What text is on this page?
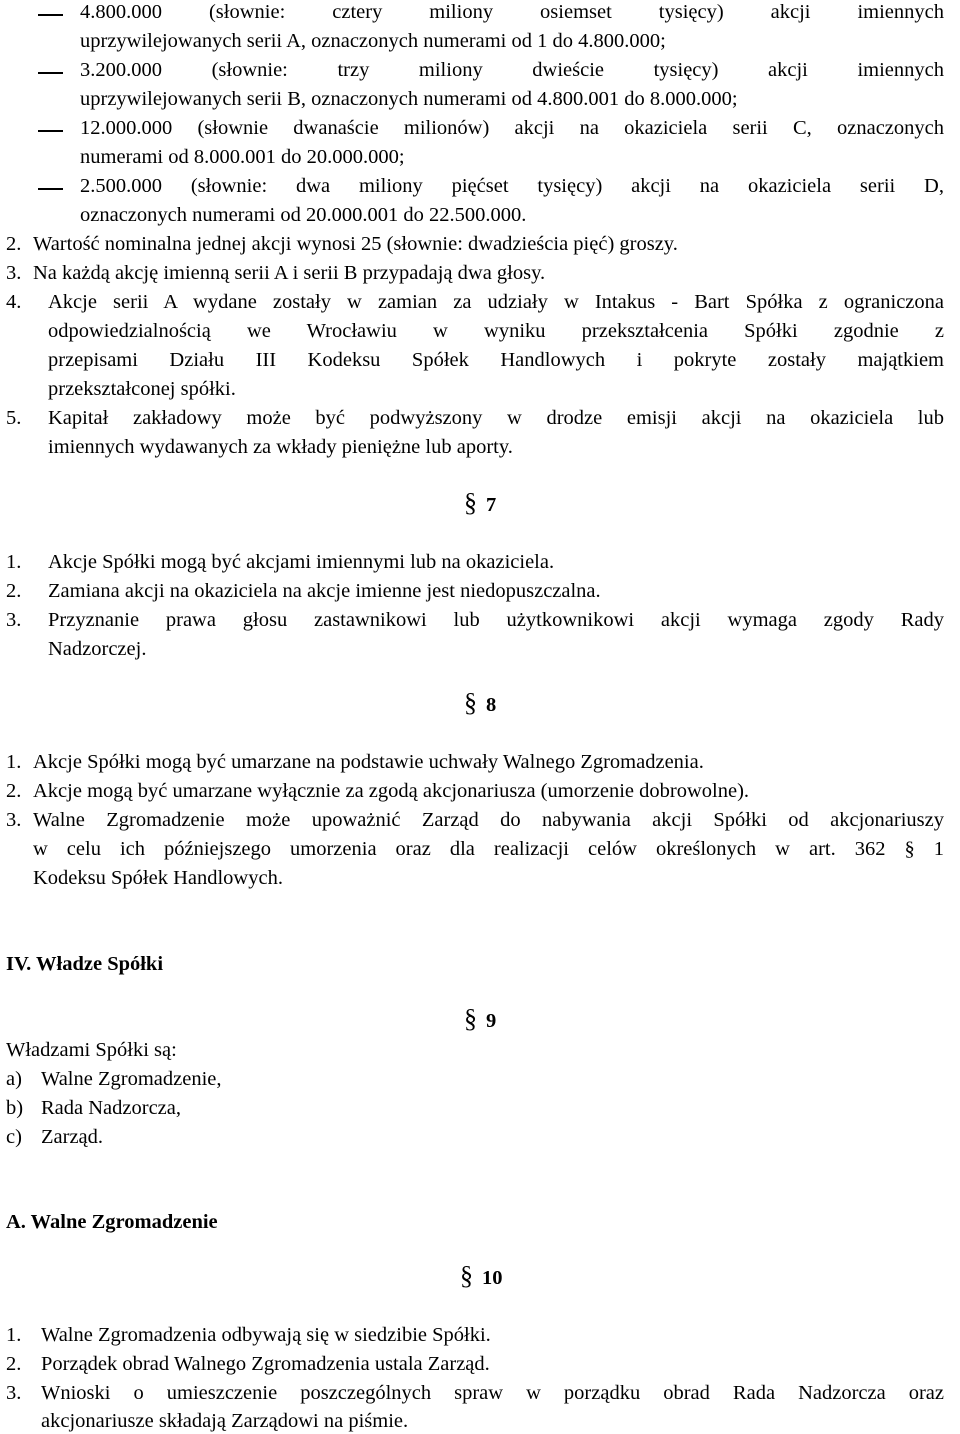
4.800.000 (słownie: cztery miliony osiemset tysięcy) akcji imiennych
uprzywilejowanych serii A, oznaczonych numerami od 1 do 4.800.000;
3.200.000 (słownie: trzy miliony dwieście tysięcy) akcji imiennych
uprzywilejowanych serii B, oznaczonych numerami od 4.800.001 do 8.000.000;
12.000.000 (słownie dwanaście milionów) akcji na okaziciela serii C, oznaczonych
numerami od 8.000.001 do 20.000.000;
2.500.000 (słownie: dwa miliony pięćset tysięcy) akcji na okaziciela serii D,
oznaczonych numerami od 20.000.001 do 22.500.000.
2. Wartość nominalna jednej akcji wynosi 25 (słownie: dwadzieścia pięć) groszy.
3. Na każdą akcję imienną serii A i serii B przypadają dwa głosy.
4. Akcje serii A wydane zostały w zamian za udziały w Intakus - Bart Spółka z ograniczona
odpowiedzialnością we Wrocławiu w wyniku przekształcenia Spółki zgodnie z
przepisami Działu III Kodeksu Spółek Handlowych i pokryte zostały majątkiem
przekształconej spółki.
5. Kapitał zakładowy może być podwyższony w drodze emisji akcji na okaziciela lub
imiennych wydawanych za wkłady pieniężne lub aporty.
§ 7
1. Akcje Spółki mogą być akcjami imiennymi lub na okaziciela.
2. Zamiana akcji na okaziciela na akcje imienne jest niedopuszczalna.
3. Przyznanie prawa głosu zastawnikowi lub użytkownikowi akcji wymaga zgody Rady
Nadzorczej.
§ 8
1. Akcje Spółki mogą być umarzane na podstawie uchwały Walnego Zgromadzenia.
2. Akcje mogą być umarzane wyłącznie za zgodą akcjonariusza (umorzenie dobrowolne).
3. Walne Zgromadzenie może upoważnić Zarząd do nabywania akcji Spółki od akcjonariuszy
w celu ich późniejszego umorzenia oraz dla realizacji celów określonych w art. 362 § 1
Kodeksu Spółek Handlowych.
IV. Władze Spółki
§ 9
Władzami Spółki są:
a) Walne Zgromadzenie,
b) Rada Nadzorcza,
c) Zarząd.
A. Walne Zgromadzenie
§ 10
1. Walne Zgromadzenia odbywają się w siedzibie Spółki.
2. Porządek obrad Walnego Zgromadzenia ustala Zarząd.
3. Wnioski o umieszczenie poszczególnych spraw w porządku obrad Rada Nadzorcza oraz
akcjonariusze składają Zarządowi na piśmie.
